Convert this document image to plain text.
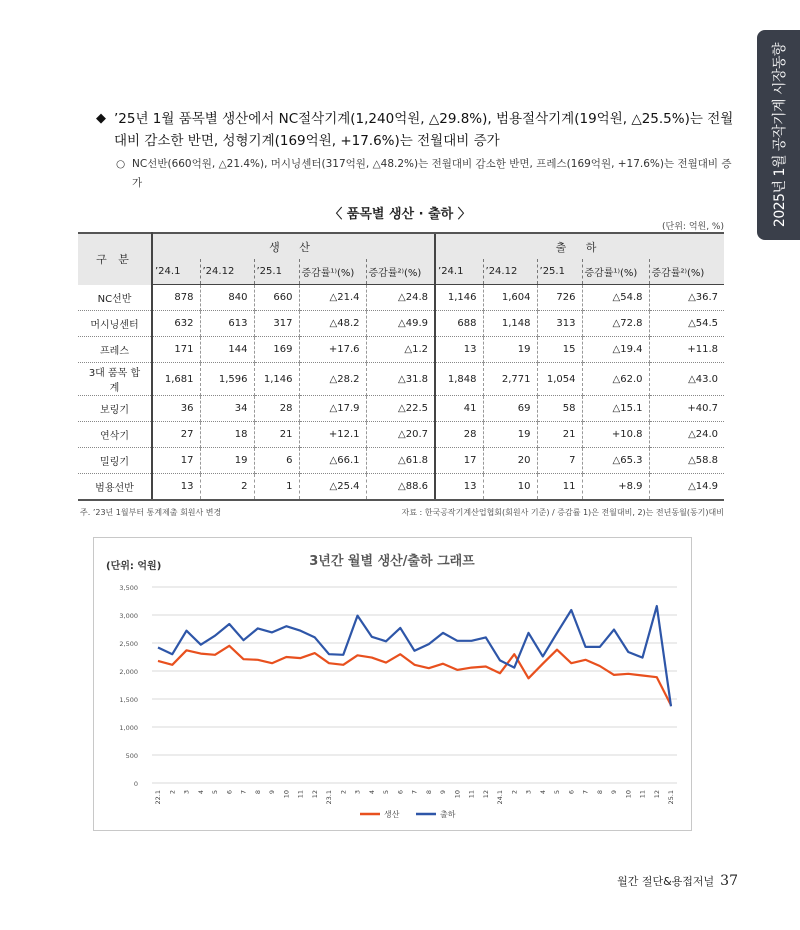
2025년 1월 공작기계 시장동향
◆ ’25년 1월 품목별 생산에서 NC절삭기계(1,240억원, △29.8%), 범용절삭기계(19억원, △25.5%)는 전월대비 감소한 반면, 성형기계(169억원, +17.6%)는 전월대비 증가
○ NC선반(660억원, △21.4%), 머시닝센터(317억원, △48.2%)는 전월대비 감소한 반면, 프레스(169억원, +17.6%)는 전월대비 증가
〈 품목별 생산 · 출하 〉
(단위: 억원, %)
구 분	생 산					출 하				
	’24.1	’24.12	’25.1	증감률¹⁾(%)	증감률²⁾(%)	’24.1	’24.12	’25.1	증감률¹⁾(%)	증감률²⁾(%)
NC선반	878	840	660	△21.4	△24.8	1,146	1,604	726	△54.8	△36.7
머시닝센터	632	613	317	△48.2	△49.9	688	1,148	313	△72.8	△54.5
프레스	171	144	169	+17.6	△1.2	13	19	15	△19.4	+11.8
3대 품목 합계	1,681	1,596	1,146	△28.2	△31.8	1,848	2,771	1,054	△62.0	△43.0
보링기	36	34	28	△17.9	△22.5	41	69	58	△15.1	+40.7
연삭기	27	18	21	+12.1	△20.7	28	19	21	+10.8	△24.0
밀링기	17	19	6	△66.1	△61.8	17	20	7	△65.3	△58.8
범용선반	13	2	1	△25.4	△88.6	13	10	11	+8.9	△14.9
주. ’23년 1월부터 통계제출 회원사 변경	자료 : 한국공작기계산업협회(회원사 기준) / 증감률 1)은 전월대비, 2)는 전년동월(동기)대비
3년간 월별 생산/출하 그래프
(단위: 억원)
0
500
1,000
1,500
2,000
2,500
3,000
3,500
22.1 2 3 4 5 6 7 8 9 10 11 12 23.1 2 3 4 5 6 7 8 9 10 11 12 24.1 2 3 4 5 6 7 8 9 10 11 12 25.1
생산	출하
월간 절단&용접저널 37
